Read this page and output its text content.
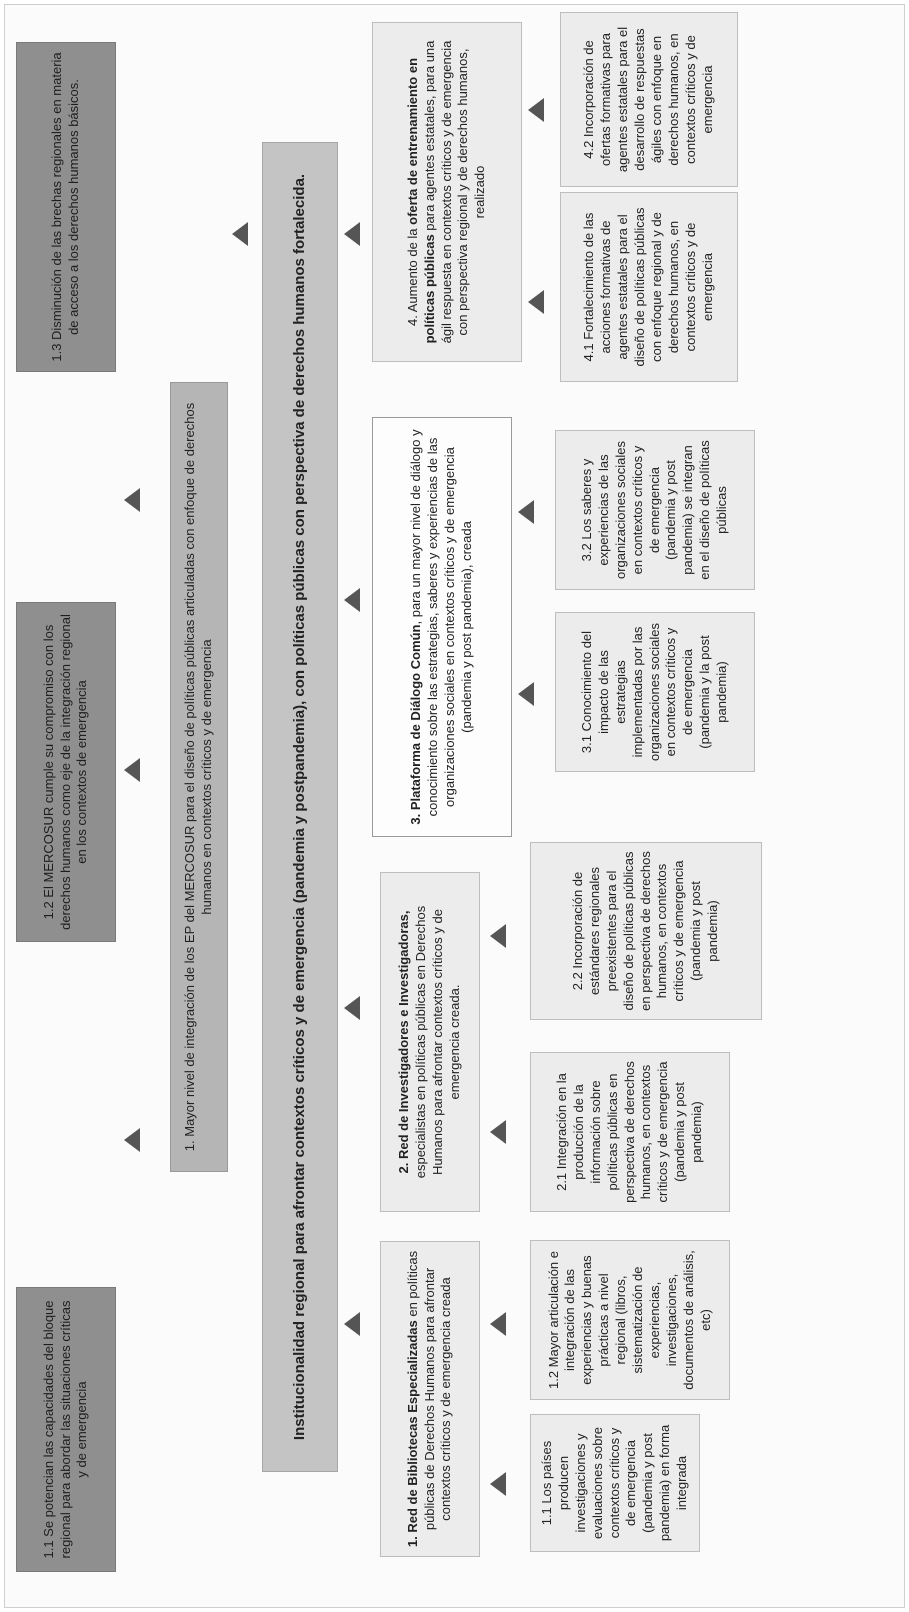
1.1 Se potencian las capacidades del bloque regional para abordar las situaciones críticas y de emergencia
1.2 El MERCOSUR cumple su compromiso con los derechos humanos como eje de la integración regional en los contextos de emergencia
1.3 Disminución de las brechas regionales en materia de acceso a los derechos humanos básicos.
1. Mayor nivel de integración de los EP del MERCOSUR para el diseño de políticas públicas articuladas con enfoque de derechos humanos en contextos críticos y de emergencia	Institucionalidad regional para afrontar contextos críticos y de emergencia (pandemia y postpandemia), con políticas públicas con perspectiva de derechos humanos fortalecida.	1. Red de Bibliotecas Especializadas en políticas públicas de Derechos Humanos para afrontar contextos críticos y de emergencia creada
2. Red de Investigadores e Investigadoras, especialistas en políticas públicas en Derechos Humanos para afrontar contextos críticos y de emergencia creada.
3. Plataforma de Diálogo Común, para un mayor nivel de diálogo y conocimiento sobre las estrategias, saberes y experiencias de las organizaciones sociales en contextos críticos y de emergencia (pandemia y post pandemia), creada
4. Aumento de la oferta de entrenamiento en políticas públicas para agentes estatales, para una ágil respuesta en contextos críticos y de emergencia con perspectiva regional y de derechos humanos, realizado
1.1 Los países producen investigaciones y evaluaciones sobre contextos críticos y de emergencia (pandemia y post pandemia) en forma integrada
1.2 Mayor articulación e integración de las experiencias y buenas prácticas a nivel regional (libros, sistematización de experiencias, investigaciones, documentos de análisis, etc)
2.1 Integración en la producción de la información sobre políticas públicas en perspectiva de derechos humanos, en contextos críticos y de emergencia (pandemia y post pandemia)
2.2 Incorporación de estándares regionales preexistentes para el diseño de políticas públicas en perspectiva de derechos humanos, en contextos críticos y de emergencia (pandemia y post pandemia)
3.1 Conocimiento del impacto de las estrategias implementadas por las organizaciones sociales en contextos críticos y de emergencia (pandemia y la post pandemia)
3.2 Los saberes y experiencias de las organizaciones sociales en contextos críticos y de emergencia (pandemia y post pandemia) se integran en el diseño de políticas públicas
4.1 Fortalecimiento de las acciones formativas de agentes estatales para el diseño de políticas públicas con enfoque regional y de derechos humanos, en contextos críticos y de emergencia
4.2 Incorporación de ofertas formativas para agentes estatales para el desarrollo de respuestas ágiles con enfoque en derechos humanos, en contextos críticos y de emergencia
